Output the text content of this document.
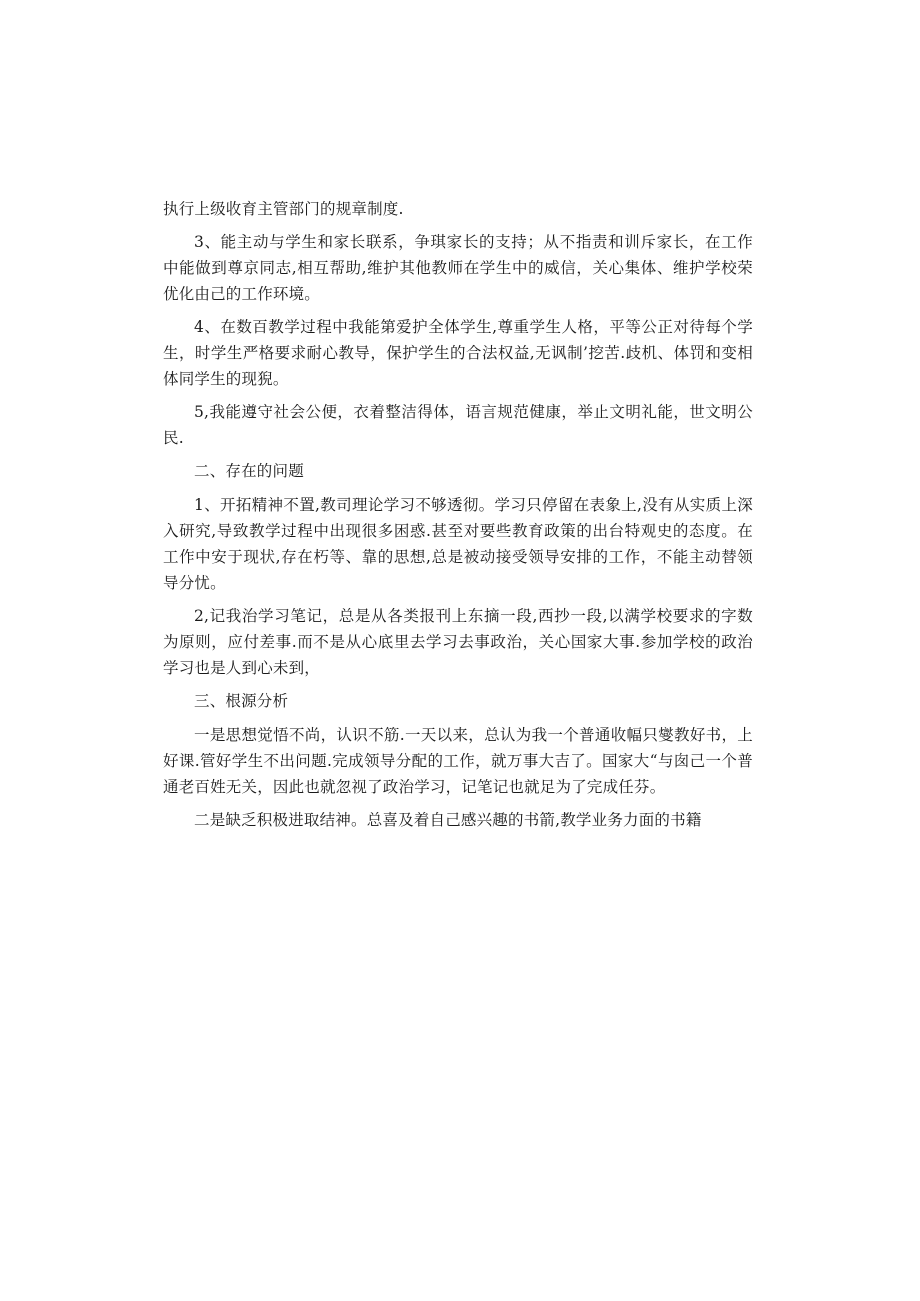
执行上级收育主管部门的规章制度.

3、能主动与学生和家长联系，争琪家长的支持；从不指责和训斥家长，在工作中能做到尊京同志,相互帮助,维护其他教师在学生中的威信，关心集体、维护学校荣优化由己的工作环境。

4、在数百教学过程中我能第爱护全体学生,尊重学生人格，平等公正对待每个学生，时学生严格要求耐心教导，保护学生的合法权益,无讽制’挖苦.歧机、体罚和变相体同学生的现猊。

5,我能遵守社会公便，衣着整洁得体，语言规范健康，举止文明礼能，世文明公民.

二、存在的问题

1、开拓精神不置,教司理论学习不够透彻。学习只停留在表象上,没有从实质上深入研究,导致教学过程中出现很多困惑.甚至对要些教育政策的出台特观史的态度。在工作中安于现状,存在朽等、靠的思想,总是被动接受领导安排的工作，不能主动替领导分忧。

2,记我治学习笔记，总是从各类报刊上东摘一段,西抄一段,以满学校要求的字数为原则，应付差事.而不是从心底里去学习去事政治，关心国家大事.参加学校的政治学习也是人到心未到，

三、根源分析

一是思想觉悟不尚，认识不筋.一天以来，总认为我一个普通收幅只燮教好书，上好课.管好学生不出问题.完成领导分配的工作，就万事大吉了。国家大“与囱己一个普通老百姓无关，因此也就忽视了政治学习，记笔记也就足为了完成任芬。

二是缺乏积极进取结神。总喜及着自己感兴趣的书箭,教学业务力面的书籍
